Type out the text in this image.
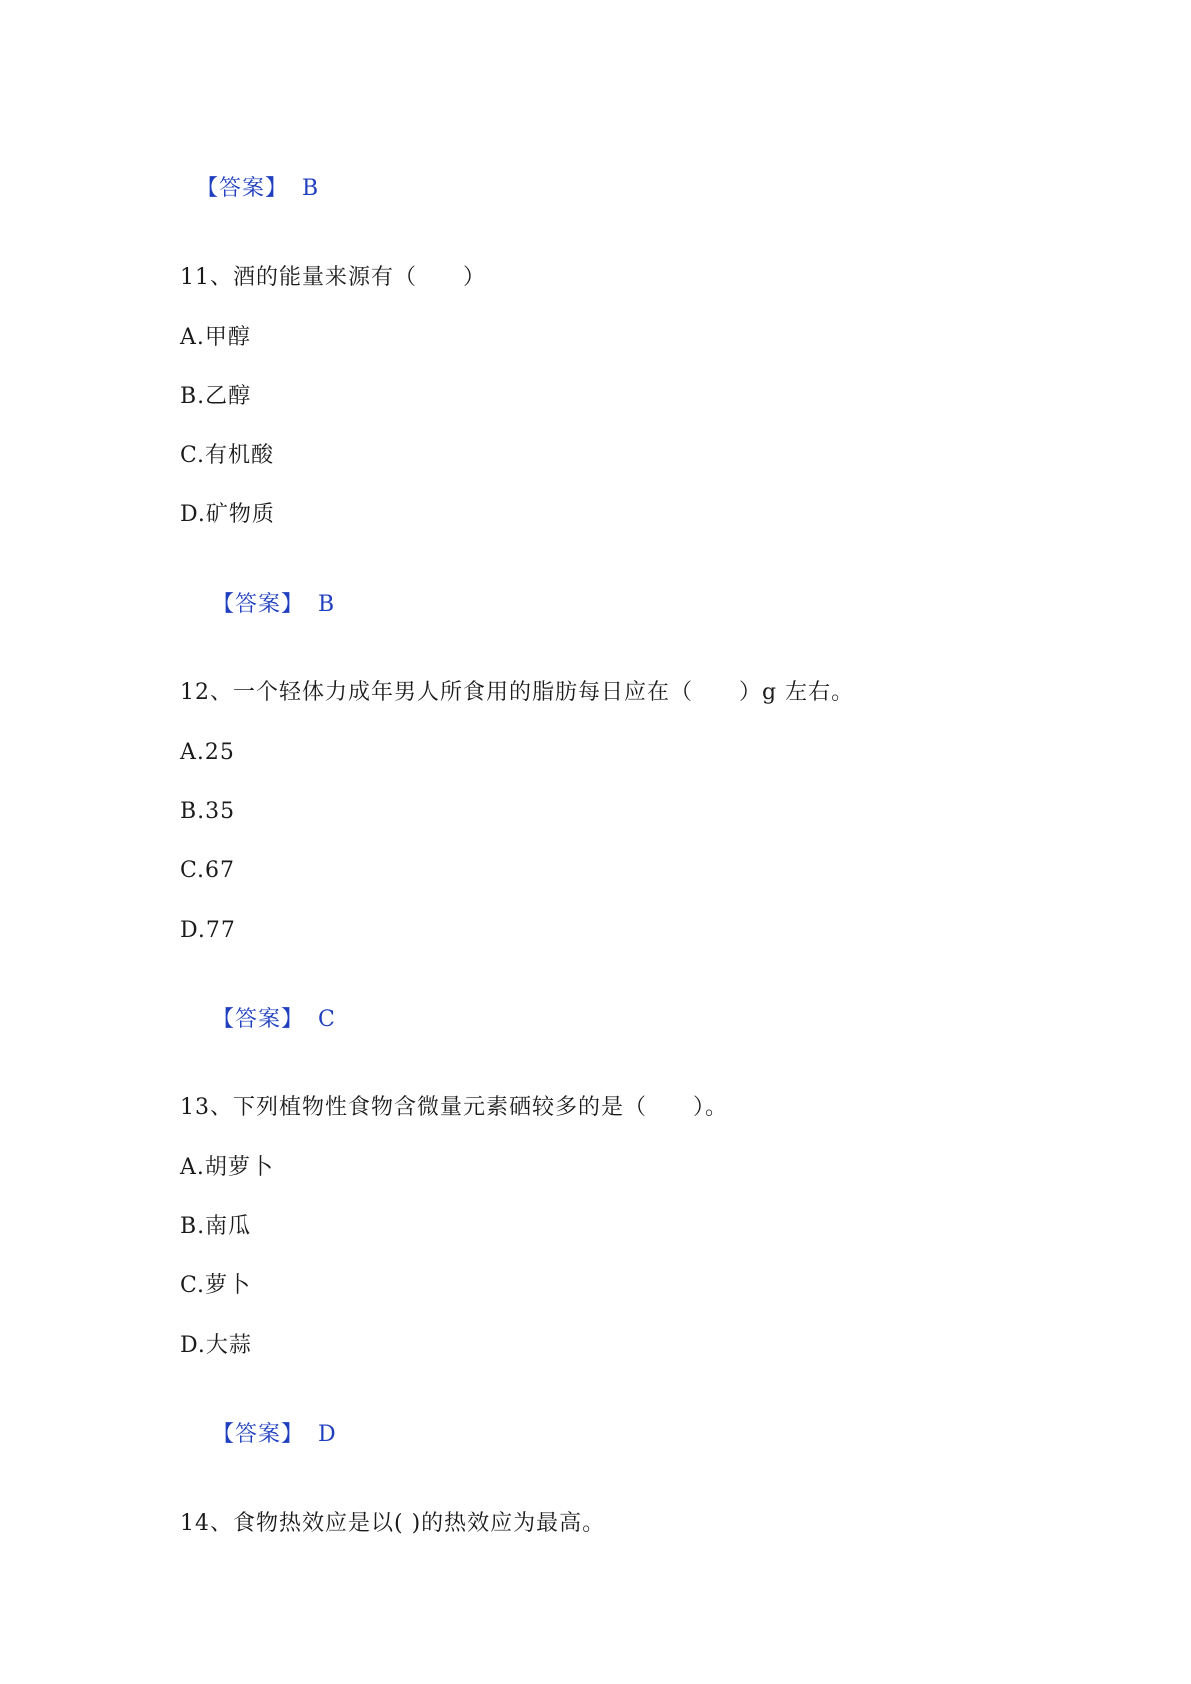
【答案】 B

11、酒的能量来源有（　　）
A.甲醇
B.乙醇
C.有机酸
D.矿物质

【答案】 B

12、一个轻体力成年男人所食用的脂肪每日应在（　　）g 左右。
A.25
B.35
C.67
D.77

【答案】 C

13、下列植物性食物含微量元素硒较多的是（　　）。
A.胡萝卜
B.南瓜
C.萝卜
D.大蒜

【答案】 D

14、食物热效应是以( )的热效应为最高。
